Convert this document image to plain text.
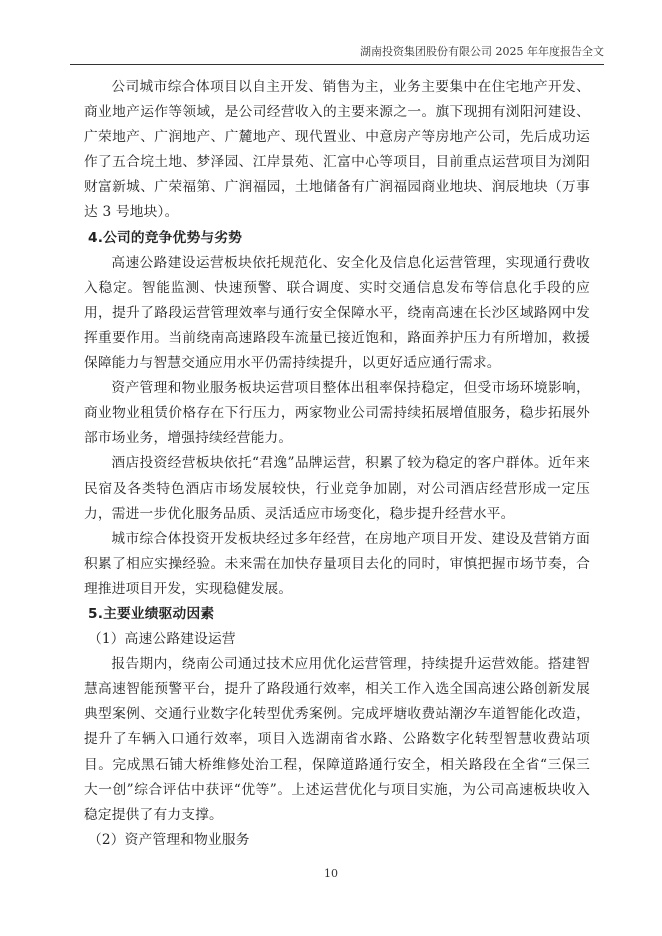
湖南投资集团股份有限公司 2025 年年度报告全文

公司城市综合体项目以自主开发、销售为主，业务主要集中在住宅地产开发、商业地产运作等领域，是公司经营收入的主要来源之一。旗下现拥有浏阳河建设、广荣地产、广润地产、广麓地产、现代置业、中意房产等房地产公司，先后成功运作了五合垸土地、梦泽园、江岸景苑、汇富中心等项目，目前重点运营项目为浏阳财富新城、广荣福第、广润福园，土地储备有广润福园商业地块、润辰地块（万事达 3 号地块）。

4.公司的竞争优势与劣势

高速公路建设运营板块依托规范化、安全化及信息化运营管理，实现通行费收入稳定。智能监测、快速预警、联合调度、实时交通信息发布等信息化手段的应用，提升了路段运营管理效率与通行安全保障水平，绕南高速在长沙区域路网中发挥重要作用。当前绕南高速路段车流量已接近饱和，路面养护压力有所增加，救援保障能力与智慧交通应用水平仍需持续提升，以更好适应通行需求。

资产管理和物业服务板块运营项目整体出租率保持稳定，但受市场环境影响，商业物业租赁价格存在下行压力，两家物业公司需持续拓展增值服务，稳步拓展外部市场业务，增强持续经营能力。

酒店投资经营板块依托“君逸”品牌运营，积累了较为稳定的客户群体。近年来民宿及各类特色酒店市场发展较快，行业竞争加剧，对公司酒店经营形成一定压力，需进一步优化服务品质、灵活适应市场变化，稳步提升经营水平。

城市综合体投资开发板块经过多年经营，在房地产项目开发、建设及营销方面积累了相应实操经验。未来需在加快存量项目去化的同时，审慎把握市场节奏，合理推进项目开发，实现稳健发展。

5.主要业绩驱动因素

（1）高速公路建设运营

报告期内，绕南公司通过技术应用优化运营管理，持续提升运营效能。搭建智慧高速智能预警平台，提升了路段通行效率，相关工作入选全国高速公路创新发展典型案例、交通行业数字化转型优秀案例。完成坪塘收费站潮汐车道智能化改造，提升了车辆入口通行效率，项目入选湖南省水路、公路数字化转型智慧收费站项目。完成黑石铺大桥维修处治工程，保障道路通行安全，相关路段在全省“三保三大一创”综合评估中获评“优等”。上述运营优化与项目实施，为公司高速板块收入稳定提供了有力支撑。

（2）资产管理和物业服务

10
